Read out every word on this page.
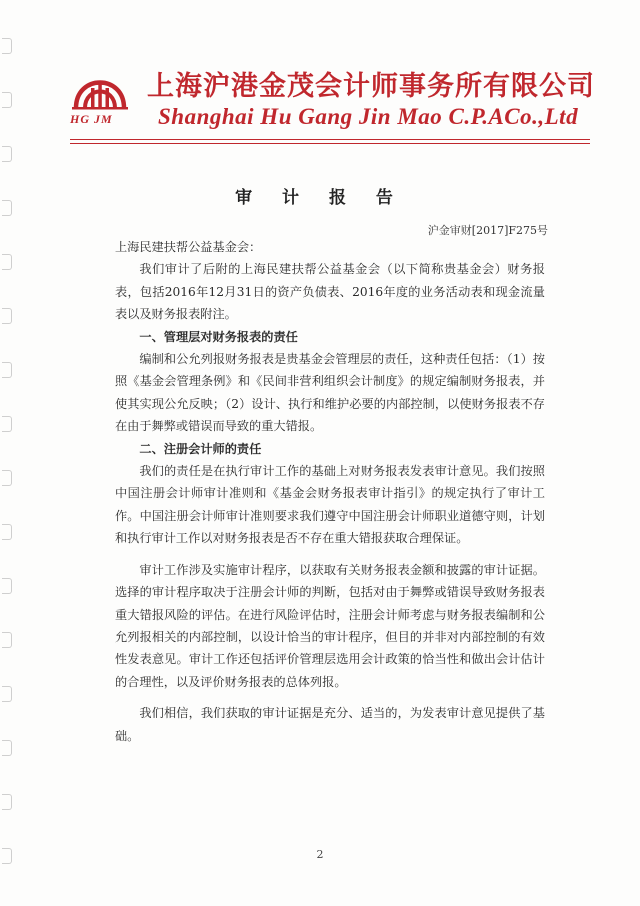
HG JM
上海沪港金茂会计师事务所有限公司
Shanghai Hu Gang Jin Mao C.P.ACo.,Ltd
审 计 报 告
沪金审财[2017]F275号

上海民建扶帮公益基金会：

我们审计了后附的上海民建扶帮公益基金会（以下简称贵基金会）财务报表，包括2016年12月31日的资产负债表、2016年度的业务活动表和现金流量表以及财务报表附注。

一、管理层对财务报表的责任

编制和公允列报财务报表是贵基金会管理层的责任，这种责任包括：（1）按照《基金会管理条例》和《民间非营利组织会计制度》的规定编制财务报表，并使其实现公允反映；（2）设计、执行和维护必要的内部控制，以使财务报表不存在由于舞弊或错误而导致的重大错报。

二、注册会计师的责任

我们的责任是在执行审计工作的基础上对财务报表发表审计意见。我们按照中国注册会计师审计准则和《基金会财务报表审计指引》的规定执行了审计工作。中国注册会计师审计准则要求我们遵守中国注册会计师职业道德守则，计划和执行审计工作以对财务报表是否不存在重大错报获取合理保证。

审计工作涉及实施审计程序，以获取有关财务报表金额和披露的审计证据。选择的审计程序取决于注册会计师的判断，包括对由于舞弊或错误导致财务报表重大错报风险的评估。在进行风险评估时，注册会计师考虑与财务报表编制和公允列报相关的内部控制，以设计恰当的审计程序，但目的并非对内部控制的有效性发表意见。审计工作还包括评价管理层选用会计政策的恰当性和做出会计估计的合理性，以及评价财务报表的总体列报。

我们相信，我们获取的审计证据是充分、适当的，为发表审计意见提供了基础。

2
